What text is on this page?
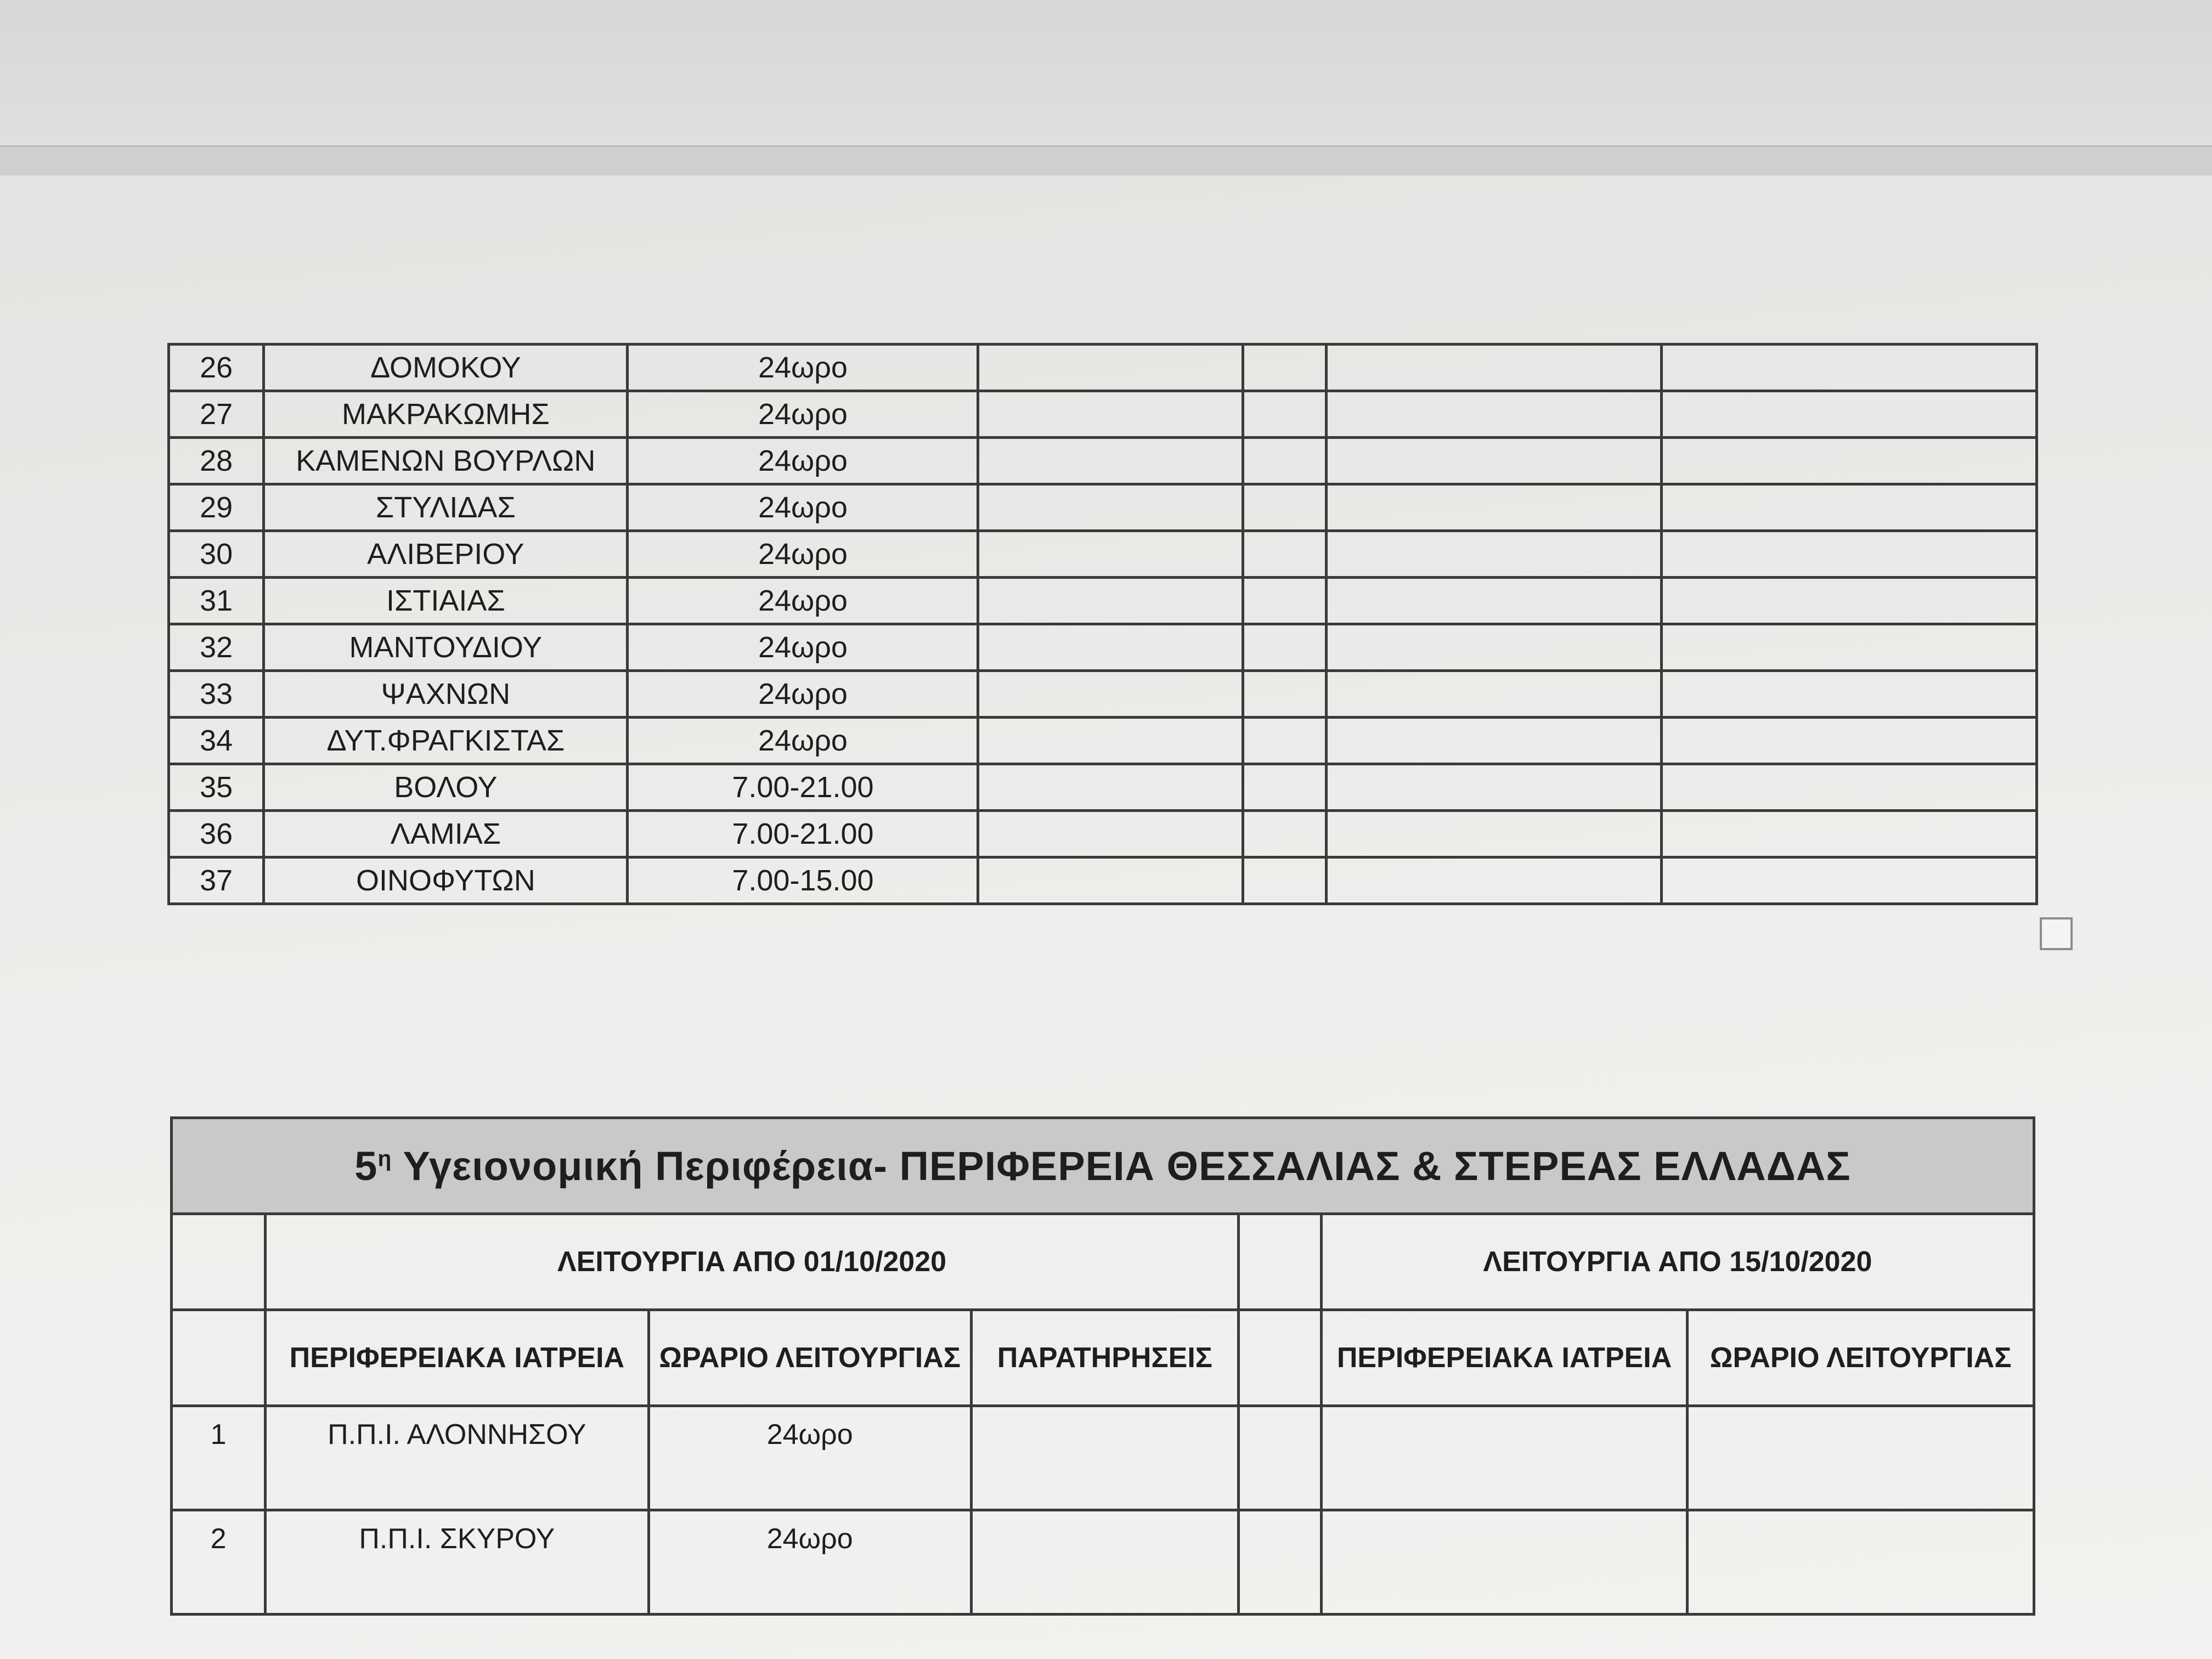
26	ΔΟΜΟΚΟΥ	24ωρο				
27	ΜΑΚΡΑΚΩΜΗΣ	24ωρο				
28	ΚΑΜΕΝΩΝ ΒΟΥΡΛΩΝ	24ωρο				
29	ΣΤΥΛΙΔΑΣ	24ωρο				
30	ΑΛΙΒΕΡΙΟΥ	24ωρο				
31	ΙΣΤΙΑΙΑΣ	24ωρο				
32	ΜΑΝΤΟΥΔΙΟΥ	24ωρο				
33	ΨΑΧΝΩΝ	24ωρο				
34	ΔΥΤ.ΦΡΑΓΚΙΣΤΑΣ	24ωρο				
35	ΒΟΛΟΥ	7.00-21.00				
36	ΛΑΜΙΑΣ	7.00-21.00				
37	ΟΙΝΟΦΥΤΩΝ	7.00-15.00				
$5^\eta$ Υγειονομική Περιφέρεια- ΠΕΡΙΦΕΡΕΙΑ ΘΕΣΣΑΛΙΑΣ & ΣΤΕΡΕΑΣ ΕΛΛΑΔΑΣ						
	ΛΕΙΤΟΥΡΓΙΑ ΑΠΟ 01/10/2020				ΛΕΙΤΟΥΡΓΙΑ ΑΠΟ 15/10/2020	
	ΠΕΡΙΦΕΡΕΙΑΚΑ ΙΑΤΡΕΙΑ	ΩΡΑΡΙΟ ΛΕΙΤΟΥΡΓΙΑΣ	ΠΑΡΑΤΗΡΗΣΕΙΣ		ΠΕΡΙΦΕΡΕΙΑΚΑ ΙΑΤΡΕΙΑ	ΩΡΑΡΙΟ ΛΕΙΤΟΥΡΓΙΑΣ
1	Π.Π.Ι. ΑΛΟΝΝΗΣΟΥ	24ωρο				
2	Π.Π.Ι. ΣΚΥΡΟΥ	24ωρο				
